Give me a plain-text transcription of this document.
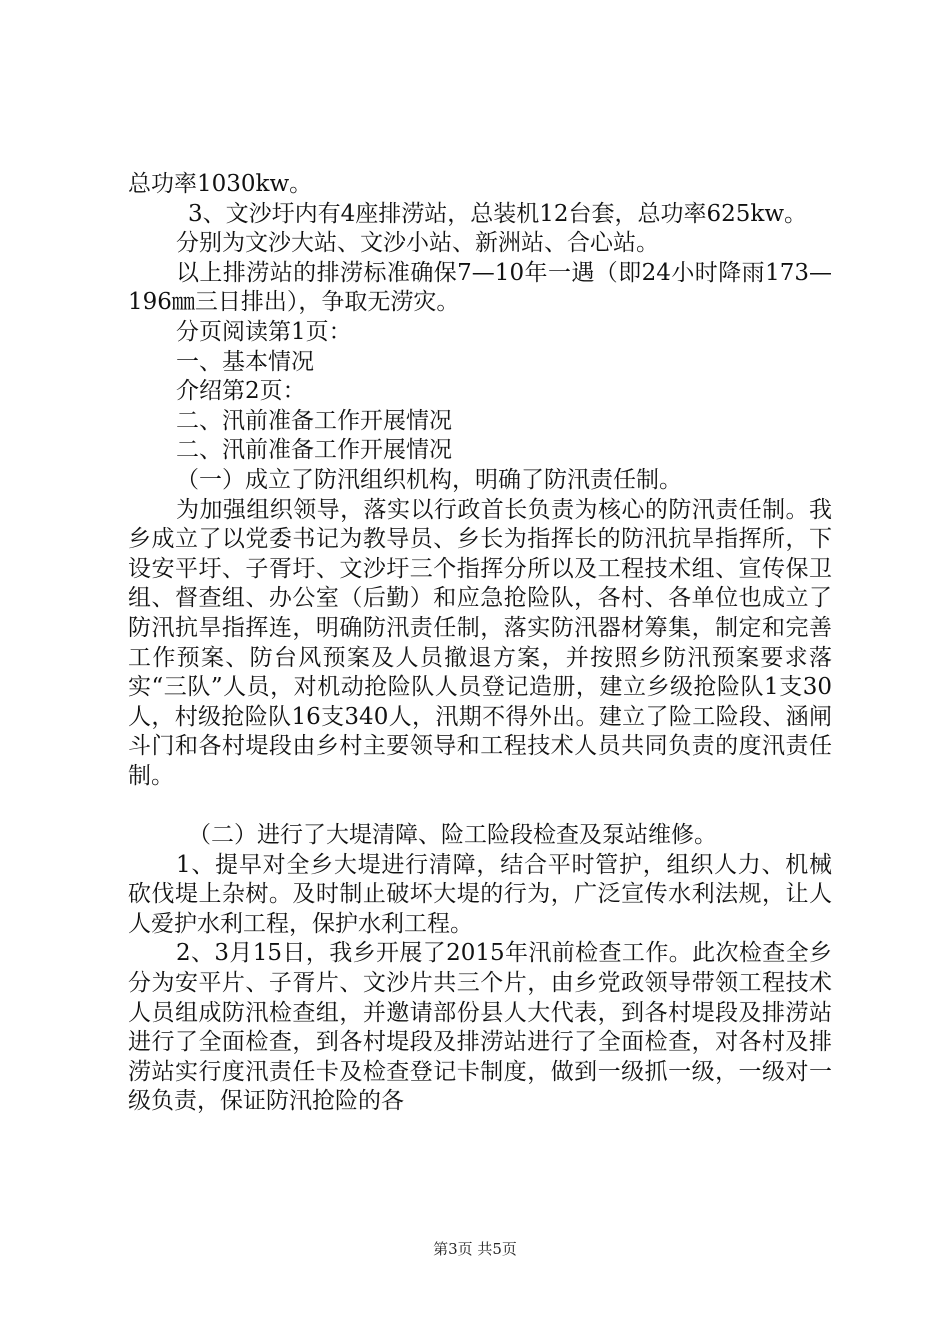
总功率1030kw。

3、文沙圩内有4座排涝站，总装机12台套，总功率625kw。

分别为文沙大站、文沙小站、新洲站、合心站。

以上排涝站的排涝标准确保7—10年一遇（即24小时降雨173—196㎜三日排出），争取无涝灾。

分页阅读第1页：

一、基本情况

介绍第2页：

二、汛前准备工作开展情况

二、汛前准备工作开展情况

（一）成立了防汛组织机构，明确了防汛责任制。

为加强组织领导，落实以行政首长负责为核心的防汛责任制。我乡成立了以党委书记为教导员、乡长为指挥长的防汛抗旱指挥所，下设安平圩、子胥圩、文沙圩三个指挥分所以及工程技术组、宣传保卫组、督查组、办公室（后勤）和应急抢险队，各村、各单位也成立了防汛抗旱指挥连，明确防汛责任制，落实防汛器材筹集，制定和完善工作预案、防台风预案及人员撤退方案，并按照乡防汛预案要求落实“三队”人员，对机动抢险队人员登记造册，建立乡级抢险队1支30人，村级抢险队16支340人，汛期不得外出。建立了险工险段、涵闸斗门和各村堤段由乡村主要领导和工程技术人员共同负责的度汛责任制。

（二）进行了大堤清障、险工险段检查及泵站维修。

1、提早对全乡大堤进行清障，结合平时管护，组织人力、机械砍伐堤上杂树。及时制止破坏大堤的行为，广泛宣传水利法规，让人人爱护水利工程，保护水利工程。

2、3月15日，我乡开展了2015年汛前检查工作。此次检查全乡分为安平片、子胥片、文沙片共三个片，由乡党政领导带领工程技术人员组成防汛检查组，并邀请部份县人大代表，到各村堤段及排涝站进行了全面检查，到各村堤段及排涝站进行了全面检查，对各村及排涝站实行度汛责任卡及检查登记卡制度，做到一级抓一级，一级对一级负责，保证防汛抢险的各

第3页 共5页
